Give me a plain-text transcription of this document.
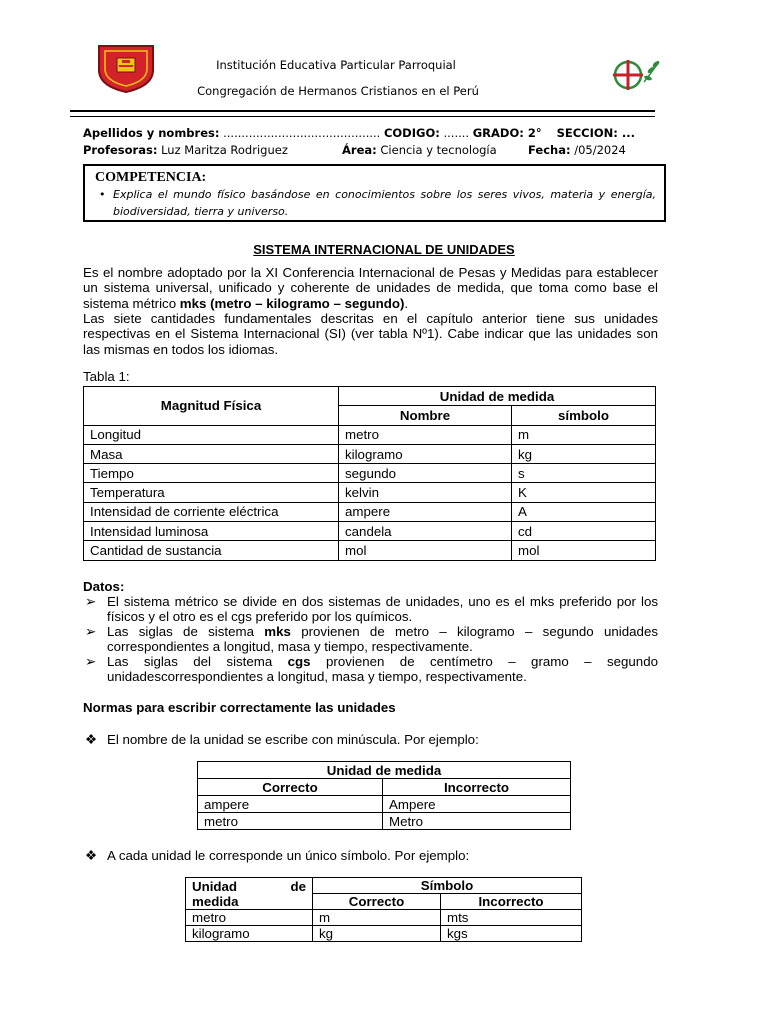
Institución Educativa Particular Parroquial
Congregación de Hermanos Cristianos en el Perú
Apellidos y nombres: ........................................... CODIGO: ....... GRADO: 2°    SECCION: ...
Profesoras: Luz Maritza Rodriguez	Área: Ciencia y tecnología	Fecha: /05/2024
COMPETENCIA:
• Explica el mundo físico basándose en conocimientos sobre los seres vivos, materia y energía, biodiversidad, tierra y universo.
SISTEMA INTERNACIONAL DE UNIDADES
Es el nombre adoptado por la XI Conferencia Internacional de Pesas y Medidas para establecer un sistema universal, unificado y coherente de unidades de medida, que toma como base el sistema métrico mks (metro – kilogramo – segundo).
Las siete cantidades fundamentales descritas en el capítulo anterior tiene sus unidades respectivas en el Sistema Internacional (SI) (ver tabla Nº1). Cabe indicar que las unidades son las mismas en todos los idiomas.
Tabla 1:
Magnitud Física	Unidad de medida	
	Nombre	símbolo
Longitud	metro	m
Masa	kilogramo	kg
Tiempo	segundo	s
Temperatura	kelvin	K
Intensidad de corriente eléctrica	ampere	A
Intensidad luminosa	candela	cd
Cantidad de sustancia	mol	mol
Datos:
➢ El sistema métrico se divide en dos sistemas de unidades, uno es el mks preferido por los físicos y el otro es el cgs preferido por los químicos.
➢ Las siglas de sistema mks provienen de metro – kilogramo – segundo unidades correspondientes a longitud, masa y tiempo, respectivamente.
➢ Las siglas del sistema cgs provienen de centímetro – gramo – segundo unidadescorrespondientes a longitud, masa y tiempo, respectivamente.
Normas para escribir correctamente las unidades
❖ El nombre de la unidad se escribe con minúscula. Por ejemplo:
Unidad de medida	
Correcto	Incorrecto
ampere	Ampere
metro	Metro
❖ A cada unidad le corresponde un único símbolo. Por ejemplo:
Unidad de
medida	Símbolo	
	Correcto	Incorrecto
metro	m	mts
kilogramo	kg	kgs
